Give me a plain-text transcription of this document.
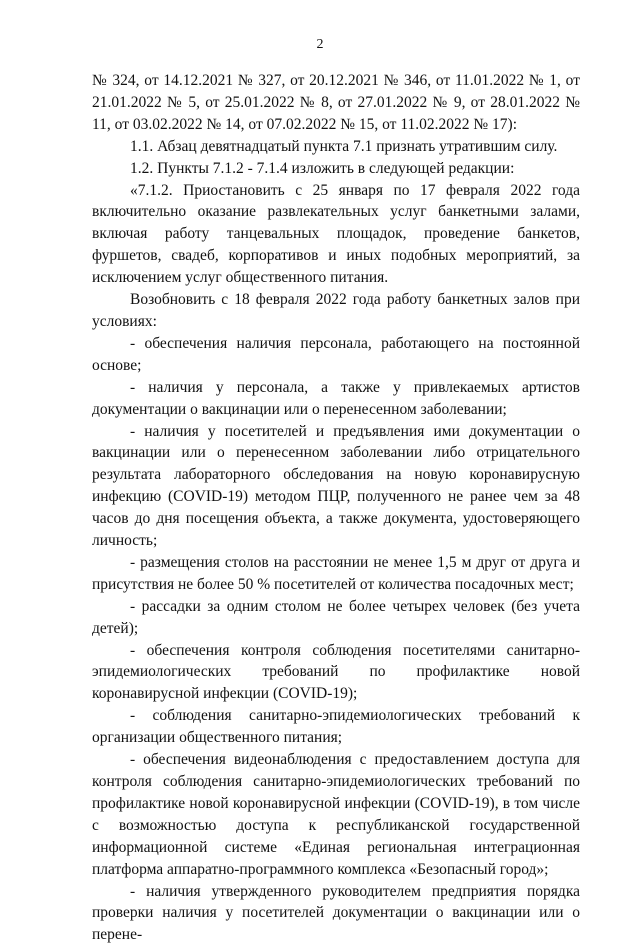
2

№ 324, от 14.12.2021 № 327, от 20.12.2021 № 346, от 11.01.2022 № 1, от 21.01.2022 № 5, от 25.01.2022 № 8, от 27.01.2022 № 9, от 28.01.2022 № 11, от 03.02.2022 № 14, от 07.02.2022 № 15, от 11.02.2022 № 17):

1.1. Абзац девятнадцатый пункта 7.1 признать утратившим силу.

1.2. Пункты 7.1.2 - 7.1.4 изложить в следующей редакции:

«7.1.2. Приостановить с 25 января по 17 февраля 2022 года включительно оказание развлекательных услуг банкетными залами, включая работу танцевальных площадок, проведение банкетов, фуршетов, свадеб, корпоративов и иных подобных мероприятий, за исключением услуг общественного питания.

Возобновить с 18 февраля 2022 года работу банкетных залов при условиях:

- обеспечения наличия персонала, работающего на постоянной основе;

- наличия у персонала, а также у привлекаемых артистов документации о вакцинации или о перенесенном заболевании;

- наличия у посетителей и предъявления ими документации о вакцинации или о перенесенном заболевании либо отрицательного результата лабораторного обследования на новую коронавирусную инфекцию (COVID-19) методом ПЦР, полученного не ранее чем за 48 часов до дня посещения объекта, а также документа, удостоверяющего личность;

- размещения столов на расстоянии не менее 1,5 м друг от друга и присутствия не более 50 % посетителей от количества посадочных мест;

- рассадки за одним столом не более четырех человек (без учета детей);

- обеспечения контроля соблюдения посетителями санитарно-эпидемиологических требований по профилактике новой коронавирусной инфекции (COVID-19);

- соблюдения санитарно-эпидемиологических требований к организации общественного питания;

- обеспечения видеонаблюдения с предоставлением доступа для контроля соблюдения санитарно-эпидемиологических требований по профилактике новой коронавирусной инфекции (COVID-19), в том числе с возможностью доступа к республиканской государственной информационной системе «Единая региональная интеграционная платформа аппаратно-программного комплекса «Безопасный город»;

- наличия утвержденного руководителем предприятия порядка проверки наличия у посетителей документации о вакцинации или о перене-
